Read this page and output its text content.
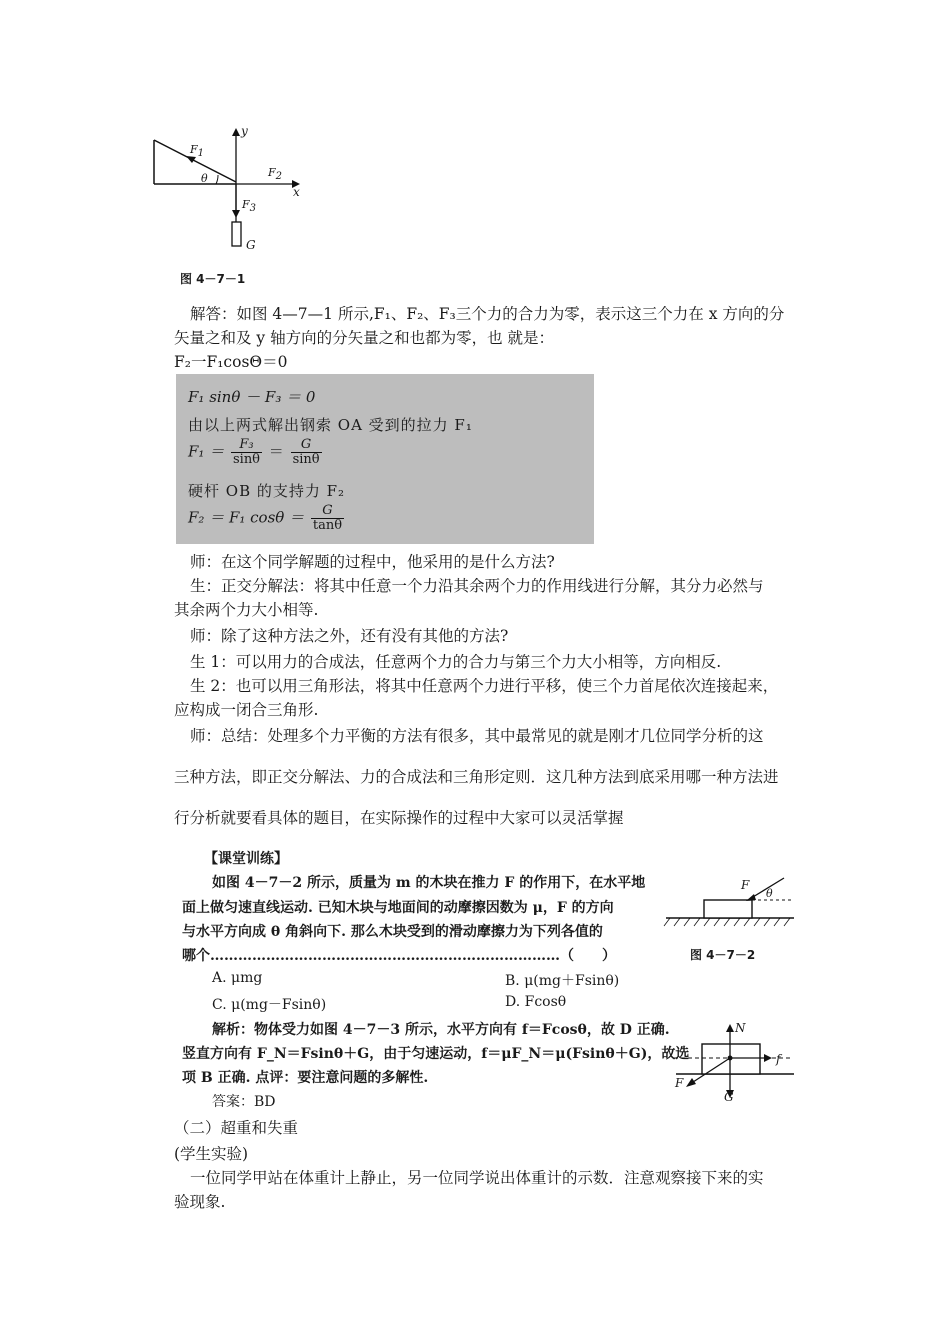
y
x
$F_1$
$F_2$
$F_3$
θ
G
图 4－7－1
解答：如图 4—7—1 所示,F₁、F₂、F₃三个力的合力为零，表示这三个力在 x 方向的分
矢量之和及 y 轴方向的分矢量之和也都为零，也 就是：
F₂一F₁cosΘ＝0
F₁ sinθ － F₃ ＝ 0
由以上两式解出钢索 OA 受到的拉力 F₁
$F_1 = \frac{\text{F₃}}{\sin\theta} = \frac{G}{\sin\theta}$
硬杆 OB 的支持力 F₂
F₂ ＝ F₁ $\cos\theta = \frac{G}{\tan\theta}$
师：在这个同学解题的过程中，他采用的是什么方法?
生：正交分解法：将其中任意一个力沿其余两个力的作用线进行分解，其分力必然与
其余两个力大小相等.
师：除了这种方法之外，还有没有其他的方法?
生 1：可以用力的合成法，任意两个力的合力与第三个力大小相等，方向相反.
生 2：也可以用三角形法，将其中任意两个力进行平移，使三个力首尾依次连接起来，
应构成一闭合三角形.
师：总结：处理多个力平衡的方法有很多，其中最常见的就是刚才几位同学分析的这
三种方法，即正交分解法、力的合成法和三角形定则．这几种方法到底采用哪一种方法进
行分析就要看具体的题目，在实际操作的过程中大家可以灵活掌握
【课堂训练】
如图 4－7－2 所示，质量为 m 的木块在推力 F 的作用下，在水平地
面上做匀速直线运动. 已知木块与地面间的动摩擦因数为 μ，F 的方向
与水平方向成 θ 角斜向下. 那么木块受到的滑动摩擦力为下列各值的
哪个…………………………………………………………………（　　）
A. μmg	B. μ(mg＋Fsinθ)
C. μ(mg－Fsinθ)	D. Fcosθ
解析：物体受力如图 4－7－3 所示，水平方向有 f＝Fcosθ，故 D 正确.
竖直方向有 F_N＝Fsinθ＋G，由于匀速运动，f＝μF_N＝μ(Fsinθ＋G)，故选
项 B 正确. 点评：要注意问题的多解性.
答案：BD
F
θ
图 4－7－2
N
f
F
G
（二）超重和失重
(学生实验)
一位同学甲站在体重计上静止，另一位同学说出体重计的示数．注意观察接下来的实
验现象.
